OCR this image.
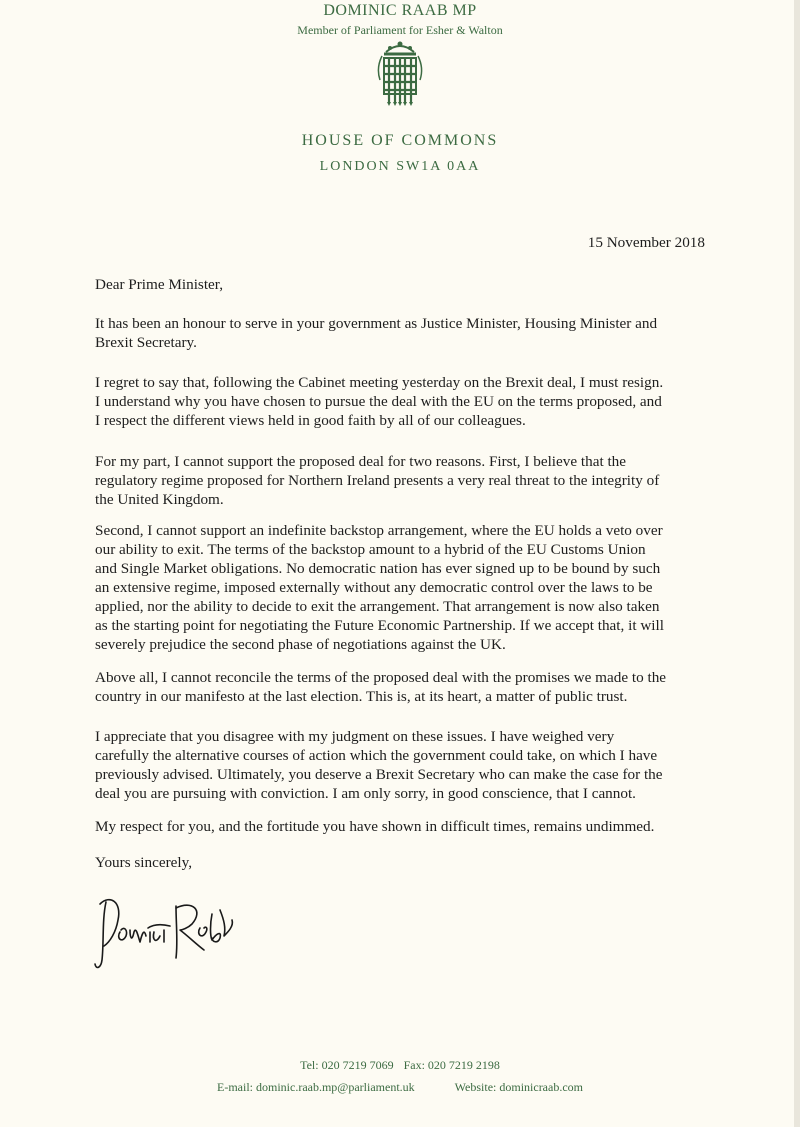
DOMINIC RAAB MP
Member of Parliament for Esher & Walton
HOUSE OF COMMONS
LONDON SW1A 0AA
15 November 2018
Dear Prime Minister,
It has been an honour to serve in your government as Justice Minister, Housing Minister and
Brexit Secretary.
I regret to say that, following the Cabinet meeting yesterday on the Brexit deal, I must resign.
I understand why you have chosen to pursue the deal with the EU on the terms proposed, and
I respect the different views held in good faith by all of our colleagues.
For my part, I cannot support the proposed deal for two reasons. First, I believe that the
regulatory regime proposed for Northern Ireland presents a very real threat to the integrity of
the United Kingdom.
Second, I cannot support an indefinite backstop arrangement, where the EU holds a veto over
our ability to exit. The terms of the backstop amount to a hybrid of the EU Customs Union
and Single Market obligations. No democratic nation has ever signed up to be bound by such
an extensive regime, imposed externally without any democratic control over the laws to be
applied, nor the ability to decide to exit the arrangement. That arrangement is now also taken
as the starting point for negotiating the Future Economic Partnership. If we accept that, it will
severely prejudice the second phase of negotiations against the UK.
Above all, I cannot reconcile the terms of the proposed deal with the promises we made to the
country in our manifesto at the last election. This is, at its heart, a matter of public trust.
I appreciate that you disagree with my judgment on these issues. I have weighed very
carefully the alternative courses of action which the government could take, on which I have
previously advised. Ultimately, you deserve a Brexit Secretary who can make the case for the
deal you are pursuing with conviction. I am only sorry, in good conscience, that I cannot.
My respect for you, and the fortitude you have shown in difficult times, remains undimmed.
Yours sincerely,
Tel: 020 7219 7069 Fax: 020 7219 2198
E-mail: dominic.raab.mp@parliament.uk	Website: dominicraab.com
